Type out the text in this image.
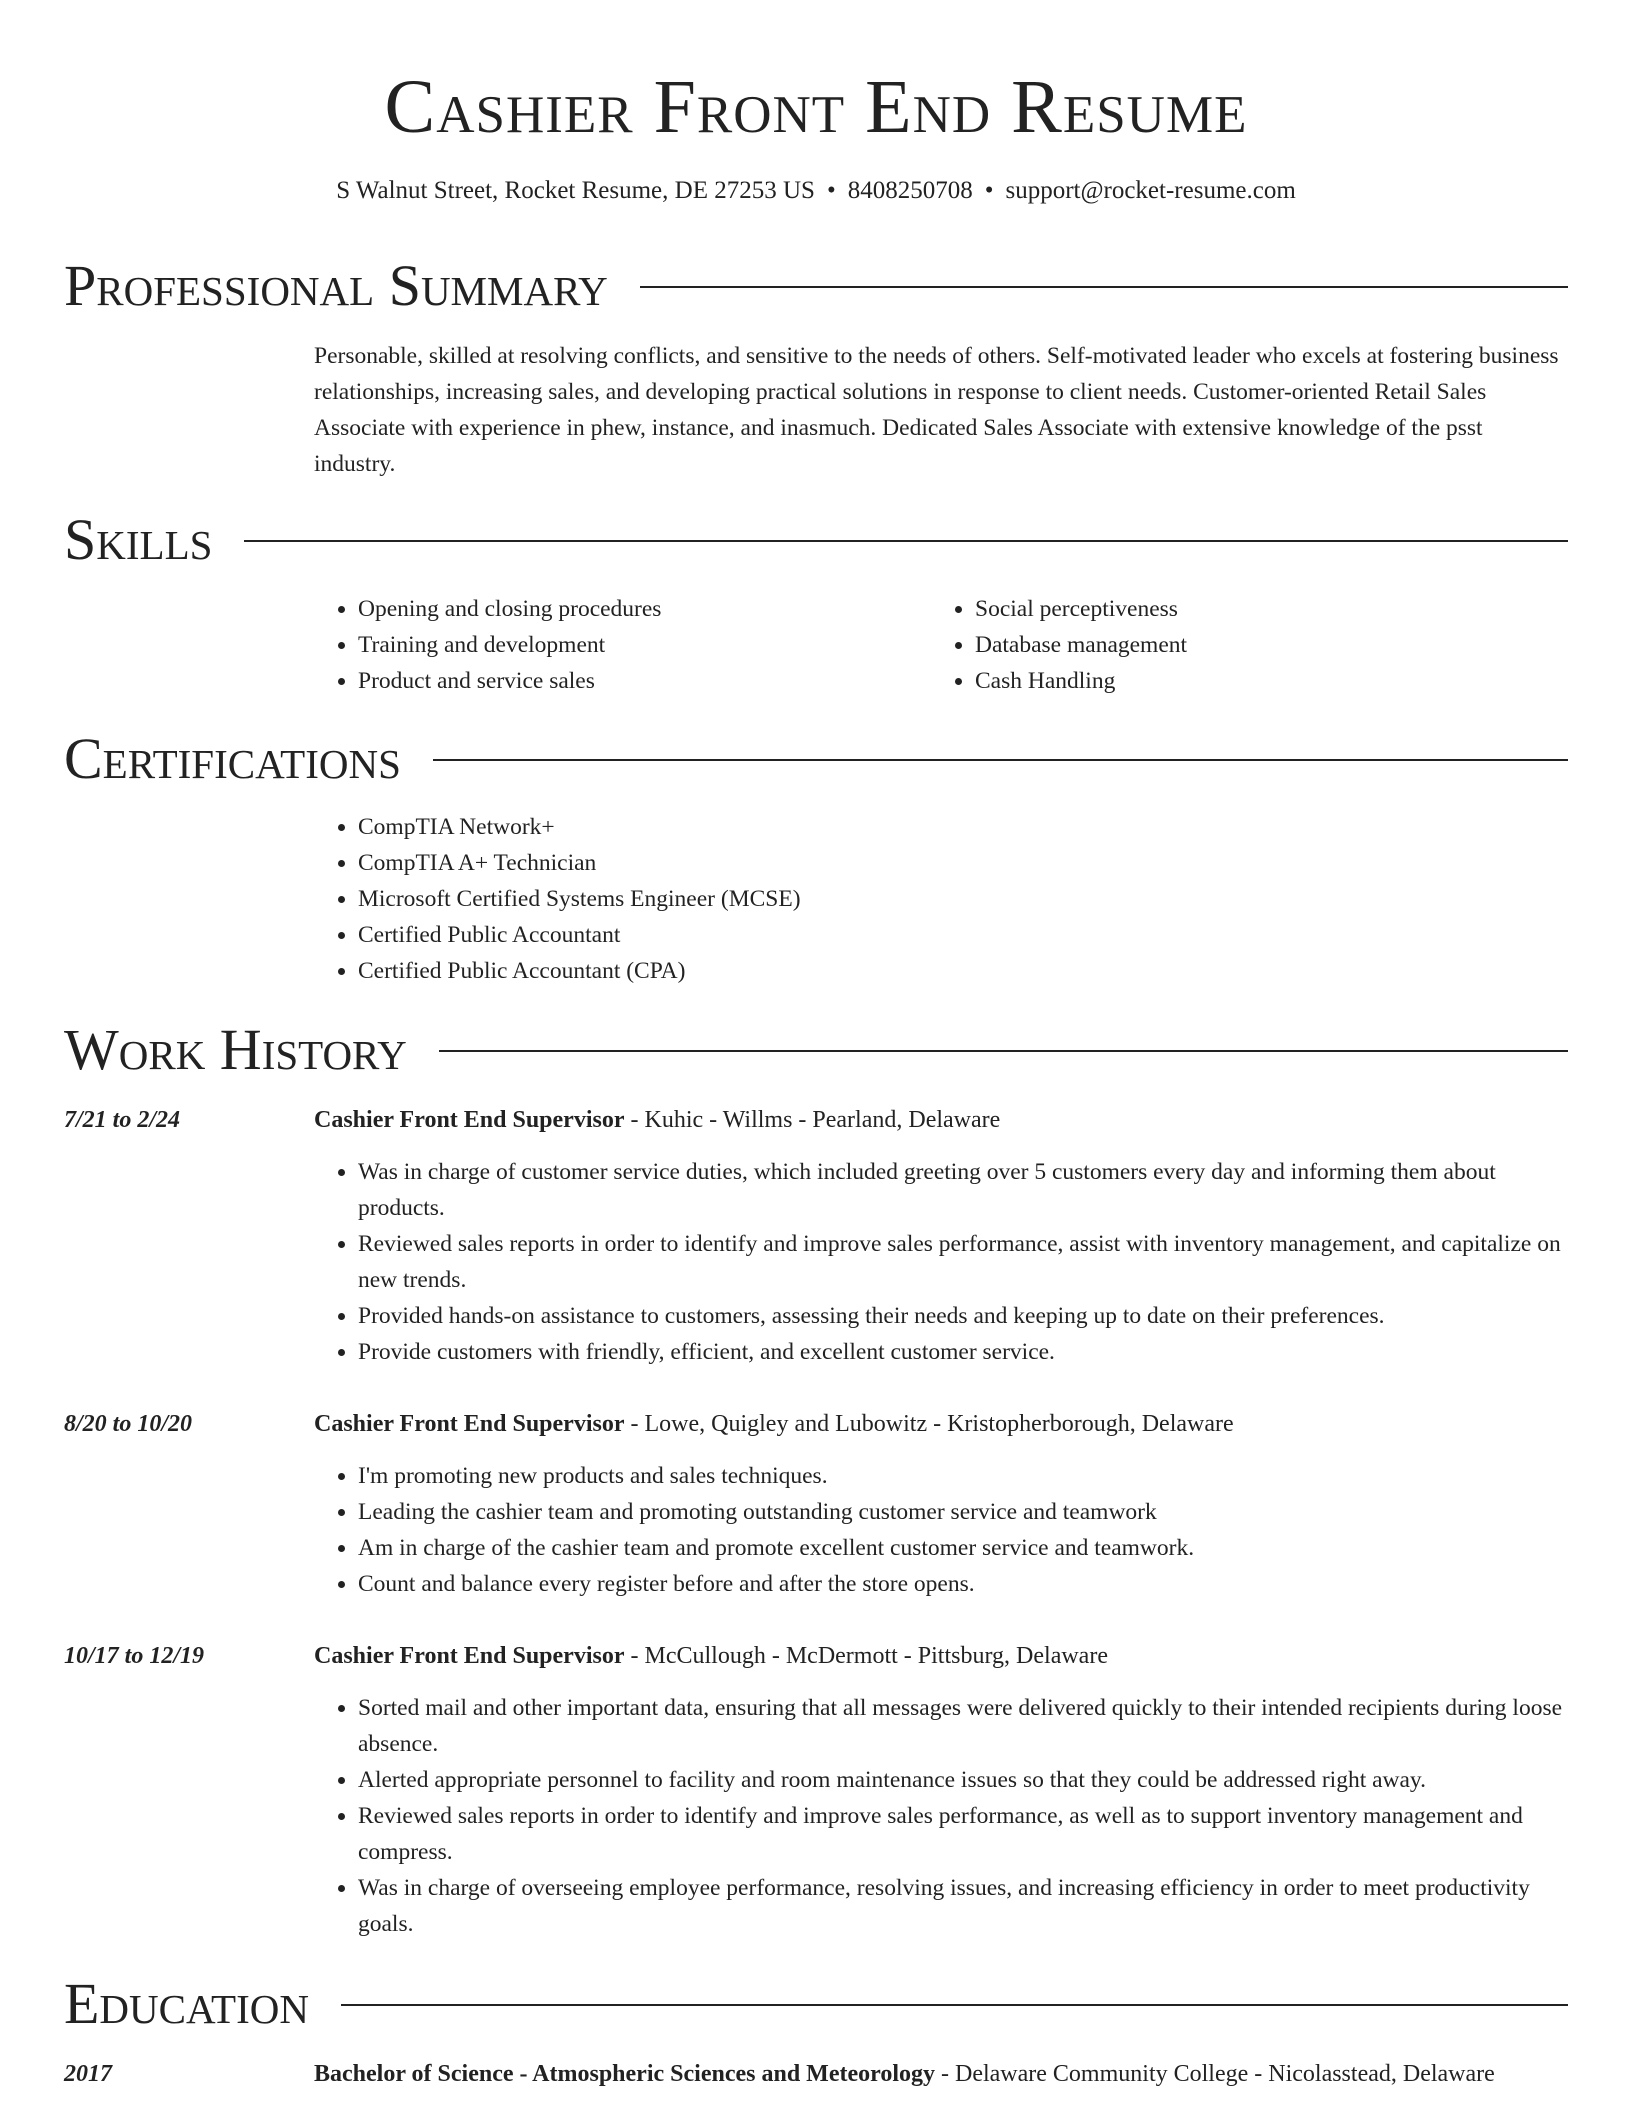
Cashier Front End Resume
S Walnut Street, Rocket Resume, DE 27253 US • 8408250708 • support@rocket-resume.com
Professional Summary
Personable, skilled at resolving conflicts, and sensitive to the needs of others. Self-motivated leader who excels at fostering business relationships, increasing sales, and developing practical solutions in response to client needs. Customer-oriented Retail Sales Associate with experience in phew, instance, and inasmuch. Dedicated Sales Associate with extensive knowledge of the psst industry.
Skills
• Opening and closing procedures
• Training and development
• Product and service sales
• Social perceptiveness
• Database management
• Cash Handling
Certifications
• CompTIA Network+
• CompTIA A+ Technician
• Microsoft Certified Systems Engineer (MCSE)
• Certified Public Accountant
• Certified Public Accountant (CPA)
Work History
7/21 to 2/24	Cashier Front End Supervisor - Kuhic - Willms - Pearland, Delaware
• Was in charge of customer service duties, which included greeting over 5 customers every day and informing them about products.
• Reviewed sales reports in order to identify and improve sales performance, assist with inventory management, and capitalize on new trends.
• Provided hands-on assistance to customers, assessing their needs and keeping up to date on their preferences.
• Provide customers with friendly, efficient, and excellent customer service.
8/20 to 10/20	Cashier Front End Supervisor - Lowe, Quigley and Lubowitz - Kristopherborough, Delaware
• I'm promoting new products and sales techniques.
• Leading the cashier team and promoting outstanding customer service and teamwork
• Am in charge of the cashier team and promote excellent customer service and teamwork.
• Count and balance every register before and after the store opens.
10/17 to 12/19	Cashier Front End Supervisor - McCullough - McDermott - Pittsburg, Delaware
• Sorted mail and other important data, ensuring that all messages were delivered quickly to their intended recipients during loose absence.
• Alerted appropriate personnel to facility and room maintenance issues so that they could be addressed right away.
• Reviewed sales reports in order to identify and improve sales performance, as well as to support inventory management and compress.
• Was in charge of overseeing employee performance, resolving issues, and increasing efficiency in order to meet productivity goals.
Education
2017	Bachelor of Science - Atmospheric Sciences and Meteorology - Delaware Community College - Nicolasstead, Delaware
